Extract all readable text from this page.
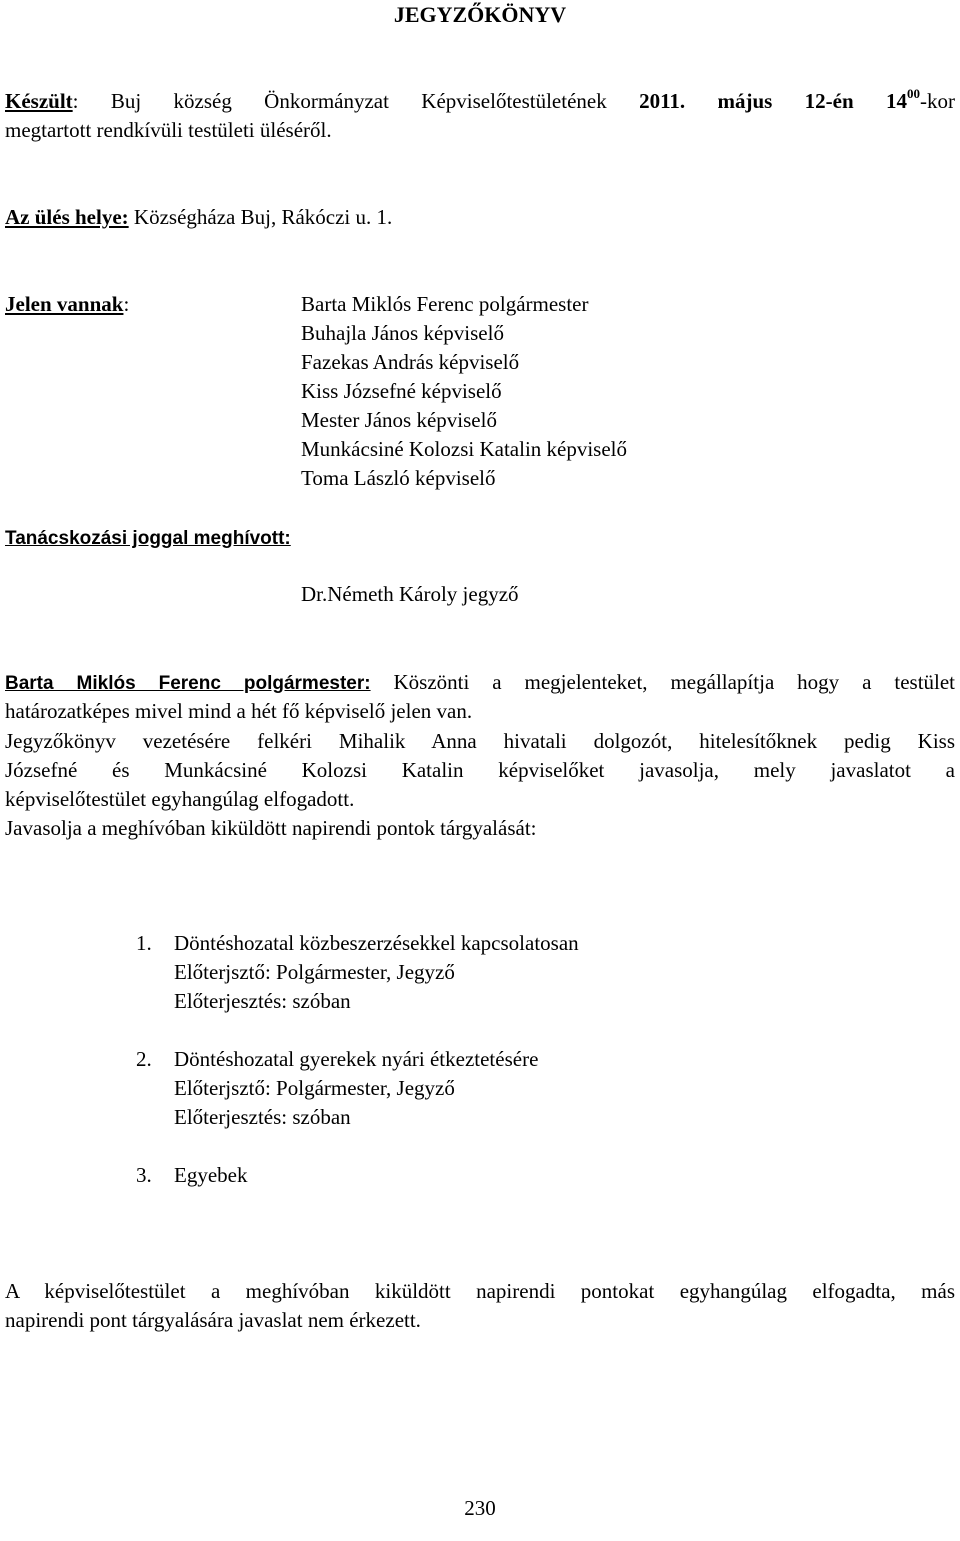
JEGYZŐKÖNYV
Készült: Buj község Önkormányzat Képviselőtestületének 2011. május 12-én $14^{00}$-kor
megtartott rendkívüli testületi üléséről.
Az ülés helye: Községháza Buj, Rákóczi u. 1.
Jelen vannak:	Barta Miklós Ferenc polgármester
Buhajla János képviselő
Fazekas András képviselő
Kiss Józsefné képviselő
Mester János képviselő
Munkácsiné Kolozsi Katalin képviselő
Toma László képviselő
Tanácskozási joggal meghívott:
Dr.Németh Károly jegyző
Barta Miklós Ferenc polgármester: Köszönti a megjelenteket, megállapítja hogy a testület
határozatképes mivel mind a hét fő képviselő jelen van.
Jegyzőkönyv vezetésére felkéri Mihalik Anna hivatali dolgozót, hitelesítőknek pedig Kiss
Józsefné és Munkácsiné Kolozsi Katalin képviselőket javasolja, mely javaslatot a
képviselőtestület egyhangúlag elfogadott.
Javasolja a meghívóban kiküldött napirendi pontok tárgyalását:
1. Döntéshozatal közbeszerzésekkel kapcsolatosan
Előterjsztő: Polgármester, Jegyző
Előterjesztés: szóban
2. Döntéshozatal gyerekek nyári étkeztetésére
Előterjsztő: Polgármester, Jegyző
Előterjesztés: szóban
3. Egyebek
A képviselőtestület a meghívóban kiküldött napirendi pontokat egyhangúlag elfogadta, más
napirendi pont tárgyalására javaslat nem érkezett.
230
